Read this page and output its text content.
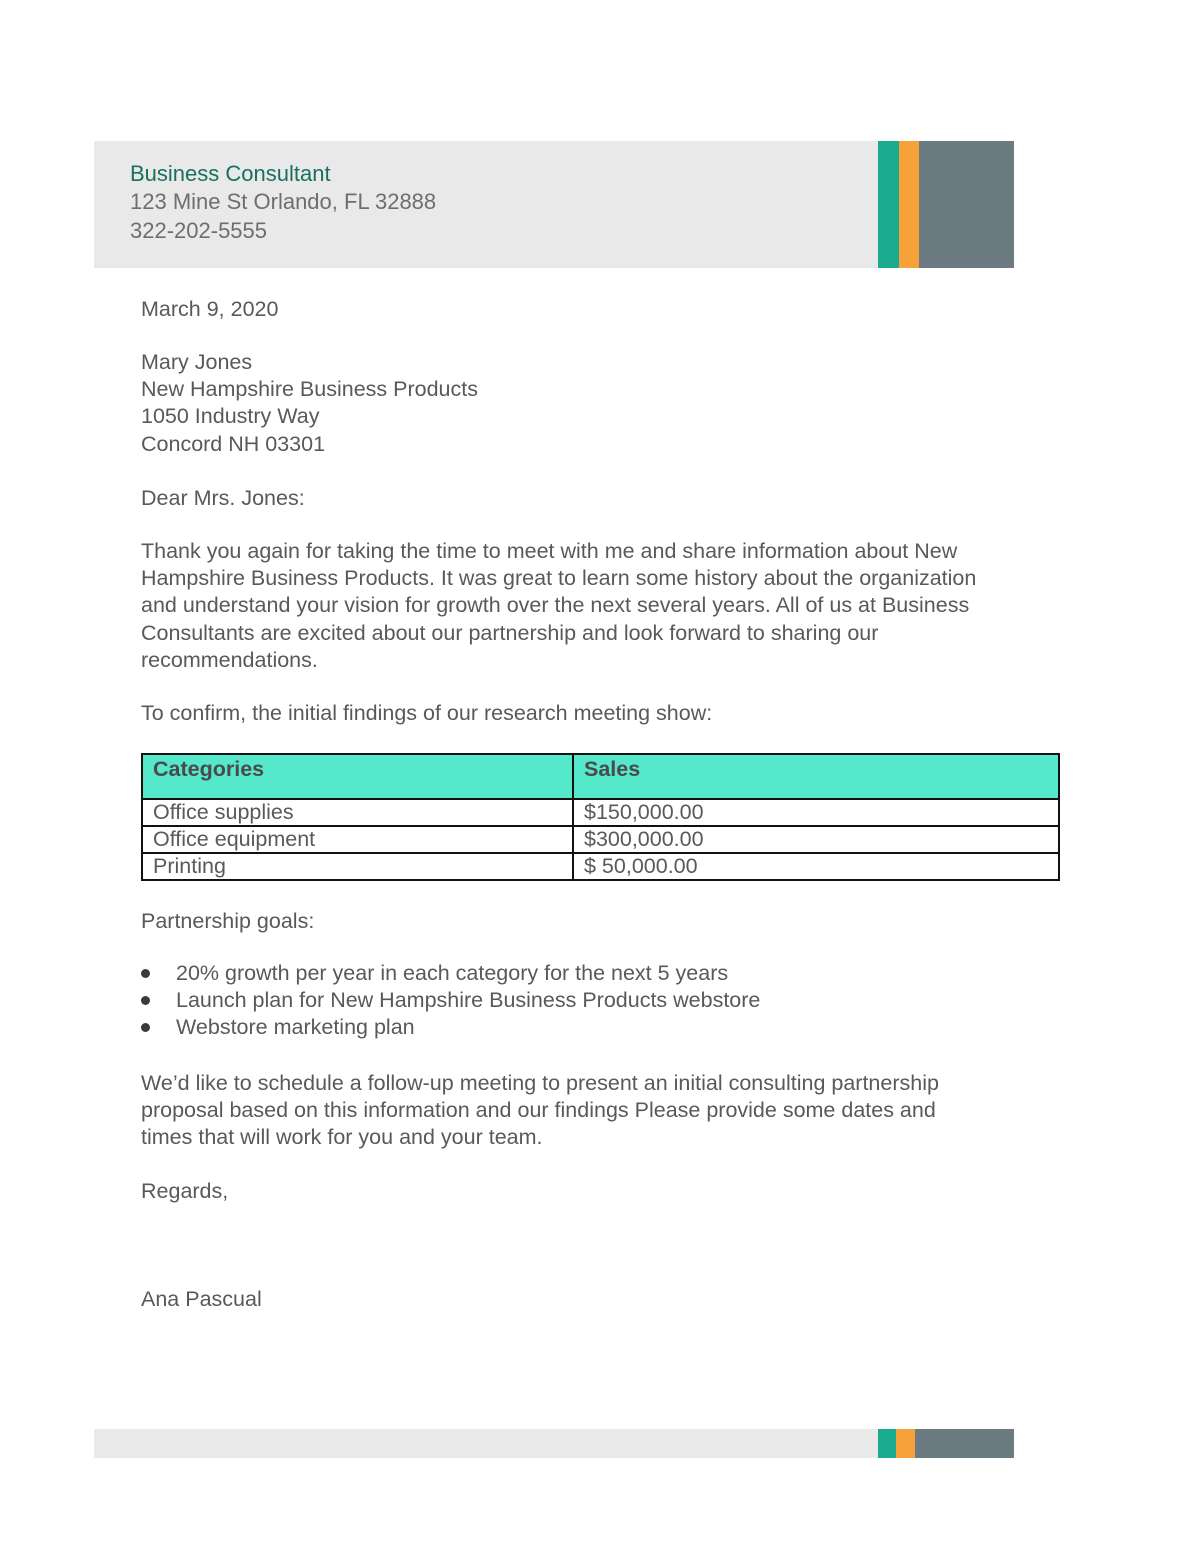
Business Consultant
123 Mine St Orlando, FL 32888
322-202-5555
March 9, 2020
Mary Jones
New Hampshire Business Products
1050 Industry Way
Concord NH 03301
Dear Mrs. Jones:
Thank you again for taking the time to meet with me and share information about New
Hampshire Business Products. It was great to learn some history about the organization
and understand your vision for growth over the next several years. All of us at Business
Consultants are excited about our partnership and look forward to sharing our
recommendations.
To confirm, the initial findings of our research meeting show:
Categories	Sales
Office supplies	$150,000.00
Office equipment	$300,000.00
Printing	$ 50,000.00
Partnership goals:
20% growth per year in each category for the next 5 years
Launch plan for New Hampshire Business Products webstore
Webstore marketing plan
We’d like to schedule a follow-up meeting to present an initial consulting partnership
proposal based on this information and our findings Please provide some dates and
times that will work for you and your team.
Regards,
Ana Pascual
